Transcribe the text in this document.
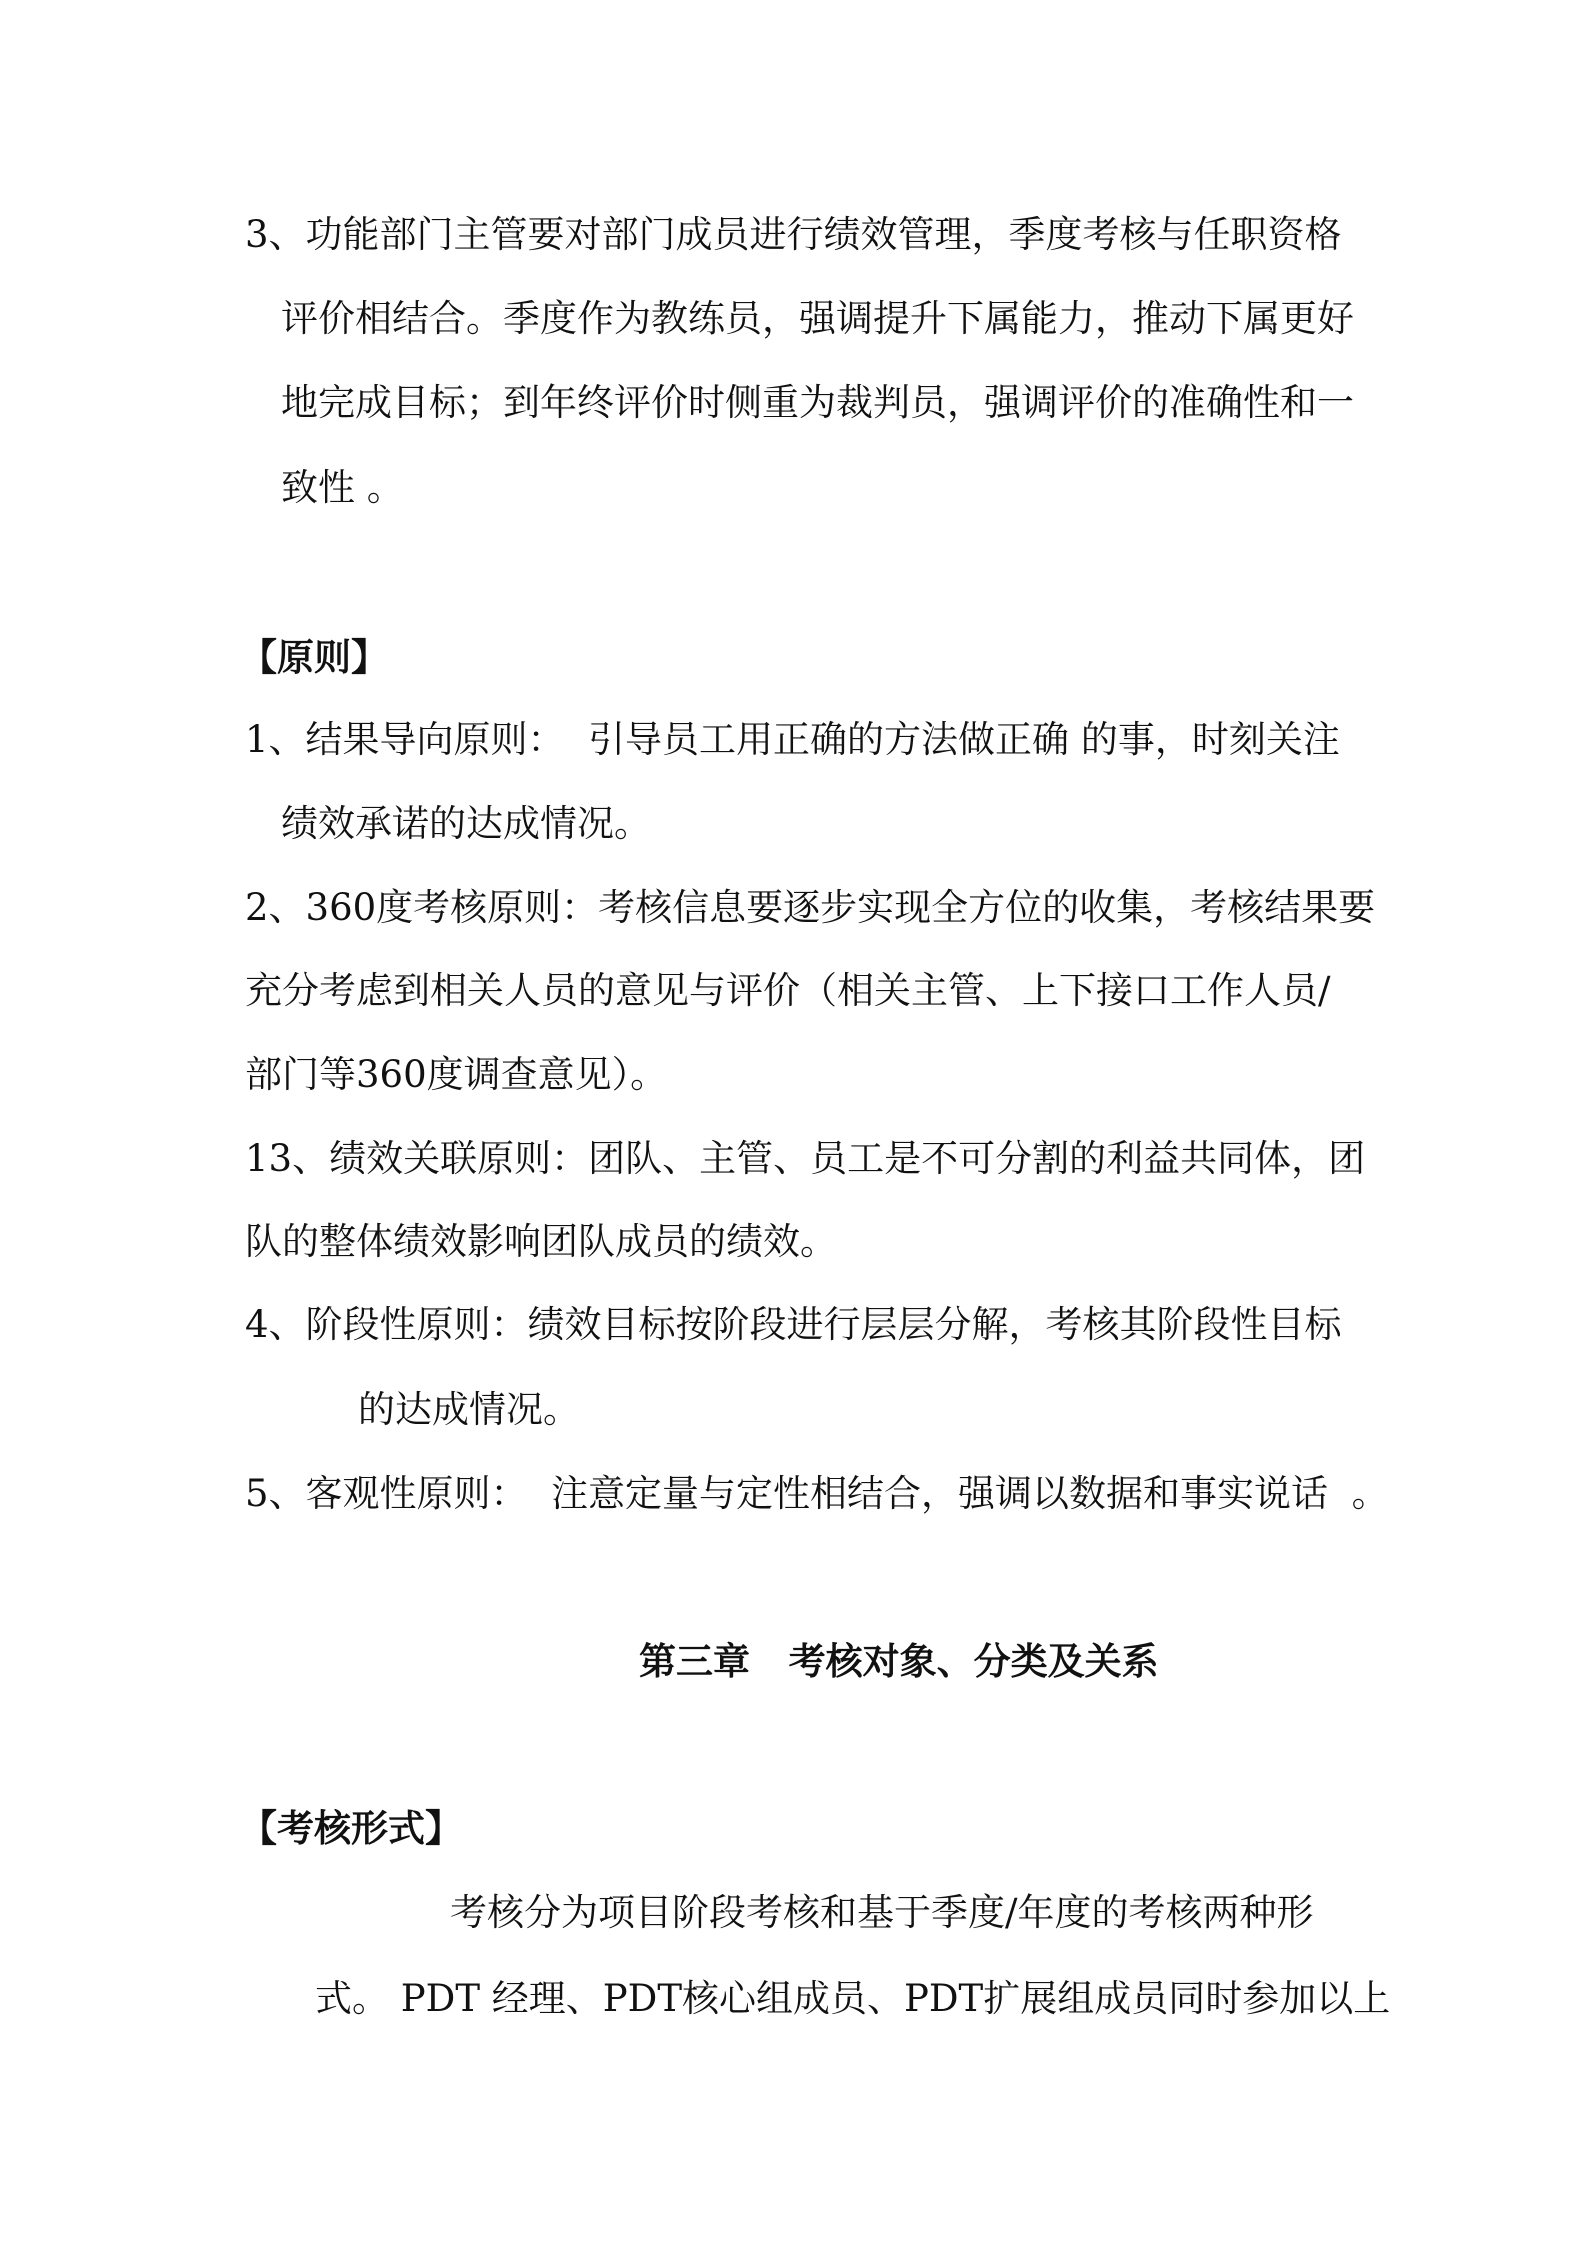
3、功能部门主管要对部门成员进行绩效管理，季度考核与任职资格
评价相结合。季度作为教练员，强调提升下属能力，推动下属更好
地完成目标；到年终评价时侧重为裁判员，强调评价的准确性和一
致性 。
【原则】
1、结果导向原则：  引导员工用正确的方法做正确 的事，时刻关注
绩效承诺的达成情况。
2、360度考核原则：考核信息要逐步实现全方位的收集，考核结果要
充分考虑到相关人员的意见与评价（相关主管、上下接口工作人员/
部门等360度调查意见）。
13、绩效关联原则：团队、主管、员工是不可分割的利益共同体，团
队的整体绩效影响团队成员的绩效。
4、阶段性原则：绩效目标按阶段进行层层分解，考核其阶段性目标
的达成情况。
5、客观性原则：  注意定量与定性相结合，强调以数据和事实说话  。
第三章   考核对象、分类及关系
【考核形式】
考核分为项目阶段考核和基于季度/年度的考核两种形
式。 PDT 经理、PDT核心组成员、PDT扩展组成员同时参加以上
